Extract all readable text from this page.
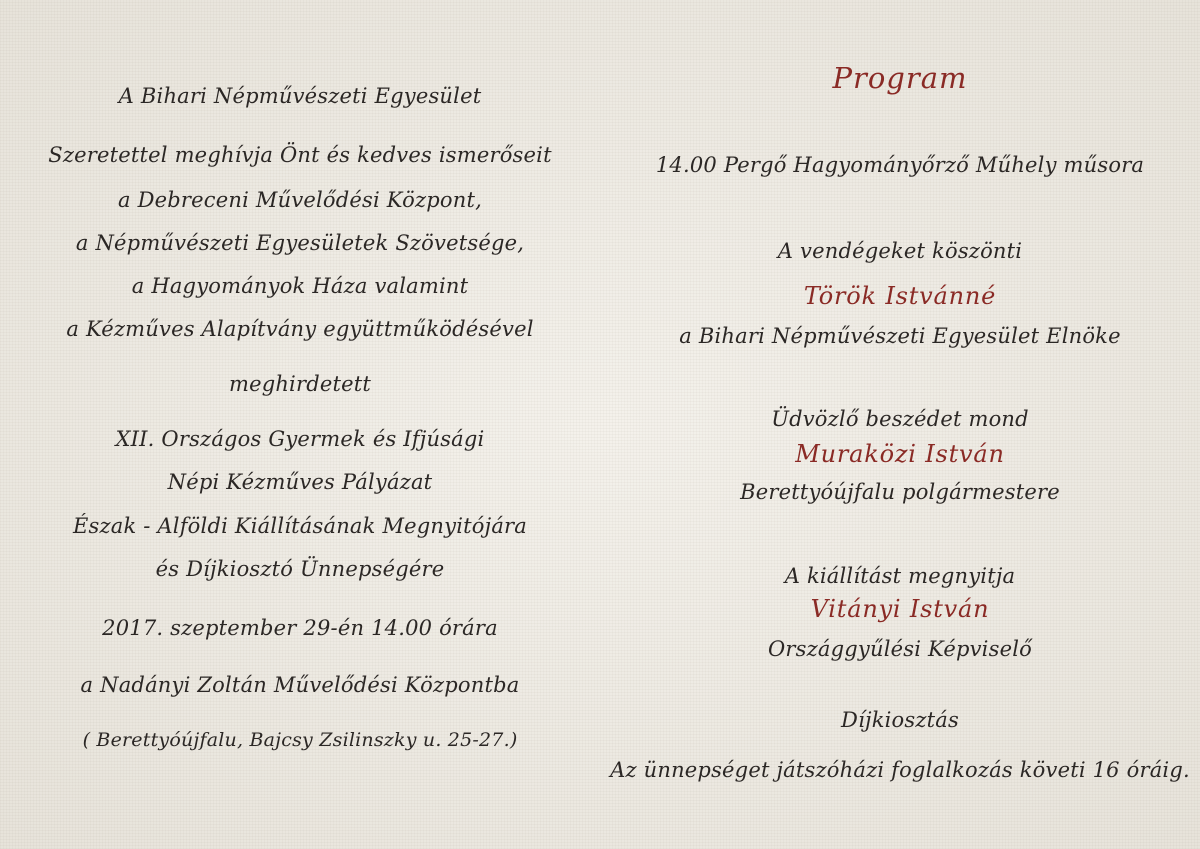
A Bihari Népművészeti Egyesület
Szeretettel meghívja Önt és kedves ismerőseit
a Debreceni Művelődési Központ,
a Népművészeti Egyesületek Szövetsége,
a Hagyományok Háza valamint
a Kézműves Alapítvány együttműködésével
meghirdetett
XII. Országos Gyermek és Ifjúsági
Népi Kézműves Pályázat
Észak - Alföldi Kiállításának Megnyitójára
és Díjkiosztó Ünnepségére
2017. szeptember 29-én 14.00 órára
a Nadányi Zoltán Művelődési Központba
( Berettyóújfalu, Bajcsy Zsilinszky u. 25-27.)
Program
14.00 Pergő Hagyományőrző Műhely műsora
A vendégeket köszönti
Török Istvánné
a Bihari Népművészeti Egyesület Elnöke
Üdvözlő beszédet mond
Muraközi István
Berettyóújfalu polgármestere
A kiállítást megnyitja
Vitányi István
Országgyűlési Képviselő
Díjkiosztás
Az ünnepséget játszóházi foglalkozás követi 16 óráig.
